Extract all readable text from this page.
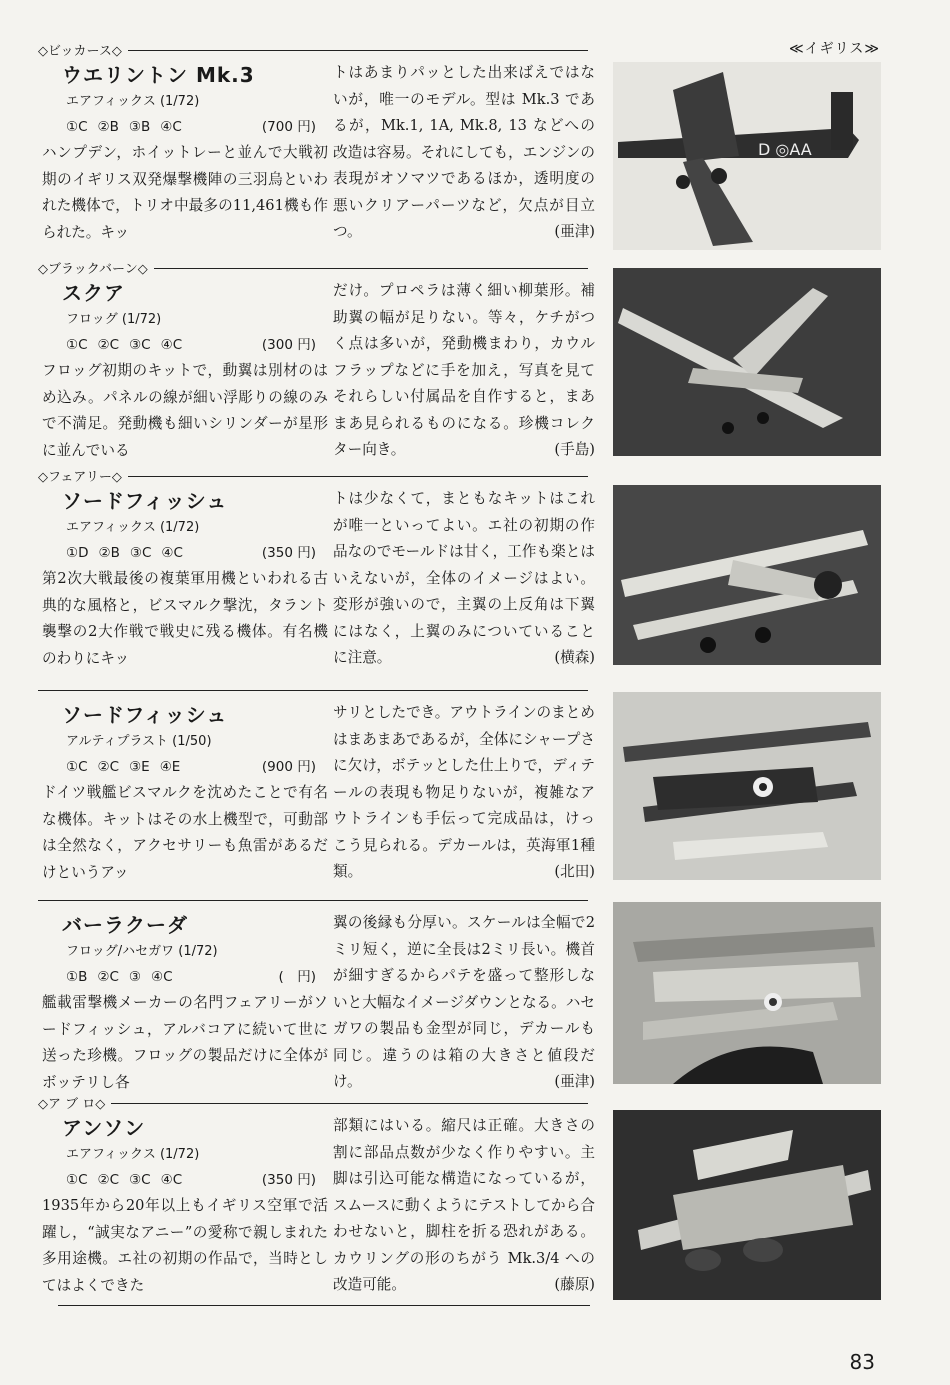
≪イギリス≫
◇ビッカース◇
ウエリントン Mk.3
エアフィックス (1/72)
①C ②B ③B ④C	(700 円)
ハンプデン，ホイットレーと並んで大戦初期のイギリス双発爆撃機陣の三羽烏といわれた機体で，トリオ中最多の11,461機も作られた。キッ
トはあまりパッとした出来ばえではないが，唯一のモデル。型は Mk.3 であるが，Mk.1, 1A, Mk.8, 13 などへの改造は容易。それにしても，エンジンの表現がオソマツであるほか，透明度の悪いクリアーパーツなど，欠点が目立つ。	(亜津)
◇ブラックバーン◇
スクア
フロッグ (1/72)
①C ②C ③C ④C	(300 円)
フロッグ初期のキットで，動翼は別材のはめ込み。パネルの線が細い浮彫りの線のみで不満足。発動機も細いシリンダーが星形に並んでいる
だけ。プロペラは薄く細い柳葉形。補助翼の幅が足りない。等々，ケチがつく点は多いが，発動機まわり，カウルフラップなどに手を加え，写真を見てそれらしい付属品を自作すると，まあまあ見られるものになる。珍機コレクター向き。	(手島)
◇フェアリー◇
ソードフィッシュ
エアフィックス (1/72)
①D ②B ③C ④C	(350 円)
第2次大戦最後の複葉軍用機といわれる古典的な風格と，ビスマルク撃沈，タラント襲撃の2大作戦で戦史に残る機体。有名機のわりにキッ
トは少なくて，まともなキットはこれが唯一といってよい。エ社の初期の作品なのでモールドは甘く，工作も楽とはいえないが，全体のイメージはよい。変形が強いので，主翼の上反角は下翼にはなく，上翼のみについていることに注意。	(横森)
ソードフィッシュ
アルティプラスト (1/50)
①C ②C ③E ④E	(900 円)
ドイツ戦艦ビスマルクを沈めたことで有名な機体。キットはその水上機型で，可動部は全然なく，アクセサリーも魚雷があるだけというアッ
サリとしたでき。アウトラインのまとめはまあまあであるが，全体にシャープさに欠け，ボテッとした仕上りで，ディテールの表現も物足りないが，複雑なアウトラインも手伝って完成品は，けっこう見られる。デカールは，英海軍1種類。	(北田)
バーラクーダ
フロッグ/ハセガワ (1/72)
①B ②C ③ ④C	(　円)
艦載雷撃機メーカーの名門フェアリーがソードフィッシュ，アルバコアに続いて世に送った珍機。フロッグの製品だけに全体がボッテリし各
翼の後縁も分厚い。スケールは全幅で2ミリ短く，逆に全長は2ミリ長い。機首が細すぎるからパテを盛って整形しないと大幅なイメージダウンとなる。ハセガワの製品も金型が同じ，デカールも同じ。違うのは箱の大きさと値段だけ。	(亜津)
◇ア ブ ロ◇
アンソン
エアフィックス (1/72)
①C ②C ③C ④C	(350 円)
1935年から20年以上もイギリス空軍で活躍し，“誠実なアニー”の愛称で親しまれた多用途機。エ社の初期の作品で，当時としてはよくできた
部類にはいる。縮尺は正確。大きさの割に部品点数が少なく作りやすい。主脚は引込可能な構造になっているが，スムースに動くようにテストしてから合わせないと，脚柱を折る恐れがある。カウリングの形のちがう Mk.3/4 への改造可能。	(藤原)
D ◎AA
83
